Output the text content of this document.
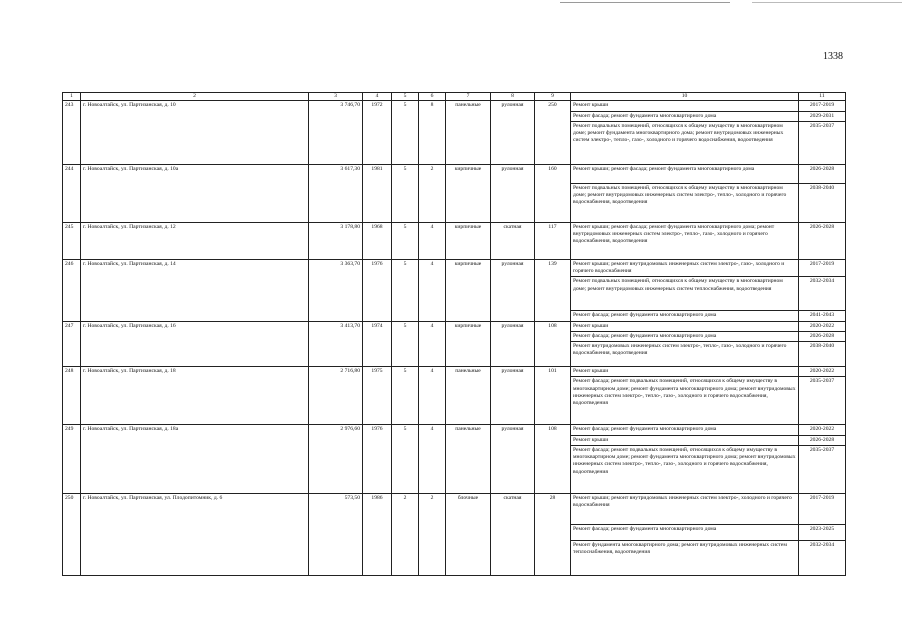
1338
1	2	3	4	5	6	7	8	9	10	11
243	г. Новоалтайск, ул. Партизанская, д. 10	3 746,70	1972	5	8	панельные	рулонная	250	Ремонт крыши	2017-2019
									Ремонт фасада; ремонт фундамента многоквартирного дома	2029-2031
									Ремонт подвальных помещений, относящихся к общему имуществу в многоквартирном доме; ремонт фундамента многоквартирного дома; ремонт внутридомовых инженерных систем электро-, тепло-, газо-, холодного и горячего водоснабжения, водоотведения	2035-2037
244	г. Новоалтайск, ул. Партизанская, д. 10а	3 617,30	1981	5	2	кирпичные	рулонная	160	Ремонт крыши; ремонт фасада; ремонт фундамента многоквартирного дома	2026-2028
									Ремонт подвальных помещений, относящихся к общему имуществу в многоквартирном доме; ремонт внутридомовых инженерных систем электро-, тепло-, холодного и горячего водоснабжения, водоотведения	2038-2040
245	г. Новоалтайск, ул. Партизанская, д. 12	3 178,80	1968	5	4	кирпичные	скатная	117	Ремонт крыши; ремонт фасада; ремонт фундамента многоквартирного дома; ремонт внутридомовых инженерных систем электро-, тепло-, газо-, холодного и горячего водоснабжения, водоотведения	2026-2028
246	г. Новоалтайск, ул. Партизанская, д. 14	3 363,70	1976	5	4	кирпичные	рулонная	139	Ремонт крыши; ремонт внутридомовых инженерных систем электро-, газо-, холодного и горячего водоснабжения	2017-2019
									Ремонт подвальных помещений, относящихся к общему имуществу в многоквартирном доме; ремонт внутридомовых инженерных систем теплоснабжения, водоотведения	2032-2034
									Ремонт фасада; ремонт фундамента многоквартирного дома	2041-2043
247	г. Новоалтайск, ул. Партизанская, д. 16	3 413,70	1974	5	4	кирпичные	рулонная	108	Ремонт крыши	2020-2022
									Ремонт фасада; ремонт фундамента многоквартирного дома	2026-2028
									Ремонт внутридомовых инженерных систем электро-, тепло-, газо-, холодного и горячего водоснабжения, водоотведения	2038-2040
248	г. Новоалтайск, ул. Партизанская, д. 18	2 716,80	1975	5	4	панельные	рулонная	101	Ремонт крыши	2020-2022
									Ремонт фасада; ремонт подвальных помещений, относящихся к общему имуществу в многоквартирном доме; ремонт фундамента многоквартирного дома; ремонт внутридомовых инженерных систем электро-, тепло-, газо-, холодного и горячего водоснабжения, водоотведения	2035-2037
249	г. Новоалтайск, ул. Партизанская, д. 18а	2 976,60	1976	5	4	панельные	рулонная	108	Ремонт фасада; ремонт фундамента многоквартирного дома	2020-2022
									Ремонт крыши	2026-2028
									Ремонт фасада; ремонт подвальных помещений, относящихся к общему имуществу в многоквартирном доме; ремонт фундамента многоквартирного дома; ремонт внутридомовых инженерных систем электро-, тепло-, газо-, холодного и горячего водоснабжения, водоотведения	2035-2037
250	г. Новоалтайск, ул. Партизанская, ул. Плодопитомник, д. 6	573,50	1986	2	2	блочные	скатная	28	Ремонт крыши; ремонт внутридомовых инженерных систем электро-, холодного и горячего водоснабжения	2017-2019
									Ремонт фасада; ремонт фундамента многоквартирного дома	2023-2025
									Ремонт фундамента многоквартирного дома; ремонт внутридомовых инженерных систем теплоснабжения, водоотведения	2032-2034
